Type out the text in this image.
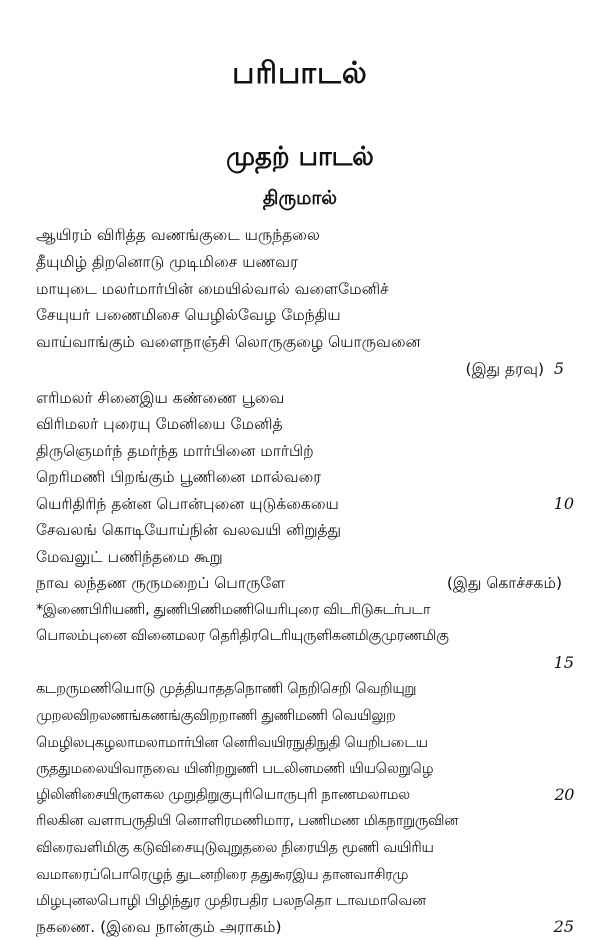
பரிபாடல்
முதற் பாடல்
திருமால்
ஆயிரம் விரித்த வணங்குடை யருந்தலை
தீயுமிழ் திறனொடு முடிமிசை யணவர
மாயுடை மலர்மார்பின் மையில்வால் வளைமேனிச்
சேயுயர் பணைமிசை யெழில்வேழ மேந்திய
வாய்வாங்கும் வளைநாஞ்சி லொருகுழை யொருவனை
(இது தரவு) 5
எரிமலர் சினைஇய கண்ணை பூவை
விரிமலர் புரையு மேனியை மேனித்
திருஞெமர்ந் தமர்ந்த மார்பினை மார்பிற்
றெரிமணி பிறங்கும் பூணினை மால்வரை
யெரிதிரிந் தன்ன பொன்புனை யுடுக்கையை	10
சேவலங் கொடியோய்நின் வலவயி னிறுத்து
மேவலுட் பணிந்தமை கூறு
நாவ லந்தண ருருமறைப் பொருளே	(இது கொச்சகம்)
*இணைபிரியணி, துணிபிணிமணியெரிபுரை விடரிடுசுடர்படா
பொலம்புனை வினைமலர தெரிதிரடெரியுருளிகனமிகுமுரணமிகு
15
கடறருமணியொடு முத்தியாததநொணி நெறிசெறி வெறியுறு
முறலவிறலணங்கணங்குவிறறாணி துணிமணி வெயிலுற
மெழிலபுகழலாமலாமார்பின னெரிவயிரநுதிநுதி யெறிபடைய
ருததுமலையிவாநவை யினிறறுணி படலினமணி யியலெறுழெ
ழிலினிசையிருளகல முறுதிறுகுபுரியொருபுரி நாணமலாமல	20
ரிலகின வளாபருதியி னொளிரமணிமார, பணிமண மிகநாறுருவின
விரைவளிமிகு கடுவிசையுடுவுறுதலை நிரையித மூணி வயிரிய
வமாரைப்பொரெழுந் துடனறிரை தது௯ரஇய தானவாசிரமு
மிழபுனலபொழி பிழிந்துர முதிரபதிர பலநதொ டாவமாவென
நகணை. (இவை நான்கும் அராகம்)	25
